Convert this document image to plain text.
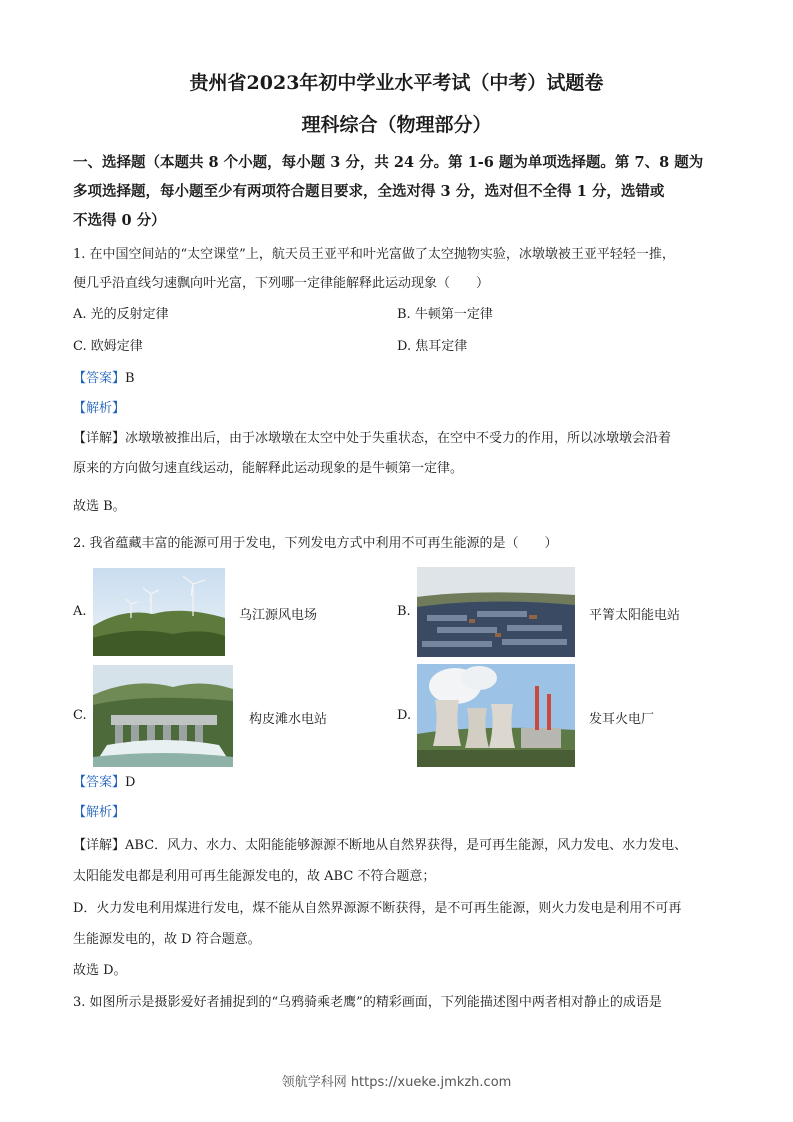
贵州省2023年初中学业水平考试（中考）试题卷
理科综合（物理部分）
一、选择题（本题共 8 个小题，每小题 3 分，共 24 分。第 1-6 题为单项选择题。第 7、8 题为
多项选择题，每小题至少有两项符合题目要求，全选对得 3 分，选对但不全得 1 分，选错或
不选得 0 分）
1. 在中国空间站的“太空课堂”上，航天员王亚平和叶光富做了太空抛物实验，冰墩墩被王亚平轻轻一推，
便几乎沿直线匀速飘向叶光富，下列哪一定律能解释此运动现象（　　）
A. 光的反射定律	B. 牛顿第一定律
C. 欧姆定律	D. 焦耳定律
【答案】B
【解析】
【详解】冰墩墩被推出后，由于冰墩墩在太空中处于失重状态，在空中不受力的作用，所以冰墩墩会沿着
原来的方向做匀速直线运动，能解释此运动现象的是牛顿第一定律。
故选 B。
2. 我省蕴藏丰富的能源可用于发电，下列发电方式中利用不可再生能源的是（　　）
A.	乌江源风电场	B.	平箐太阳能电站
C.	构皮滩水电站	D.	发耳火电厂
【答案】D
【解析】
【详解】ABC．风力、水力、太阳能能够源源不断地从自然界获得，是可再生能源，风力发电、水力发电、
太阳能发电都是利用可再生能源发电的，故 ABC 不符合题意；
D．火力发电利用煤进行发电，煤不能从自然界源源不断获得，是不可再生能源，则火力发电是利用不可再
生能源发电的，故 D 符合题意。
故选 D。
3. 如图所示是摄影爱好者捕捉到的“乌鸦骑乘老鹰”的精彩画面，下列能描述图中两者相对静止的成语是
领航学科网 https://xueke.jmkzh.com
